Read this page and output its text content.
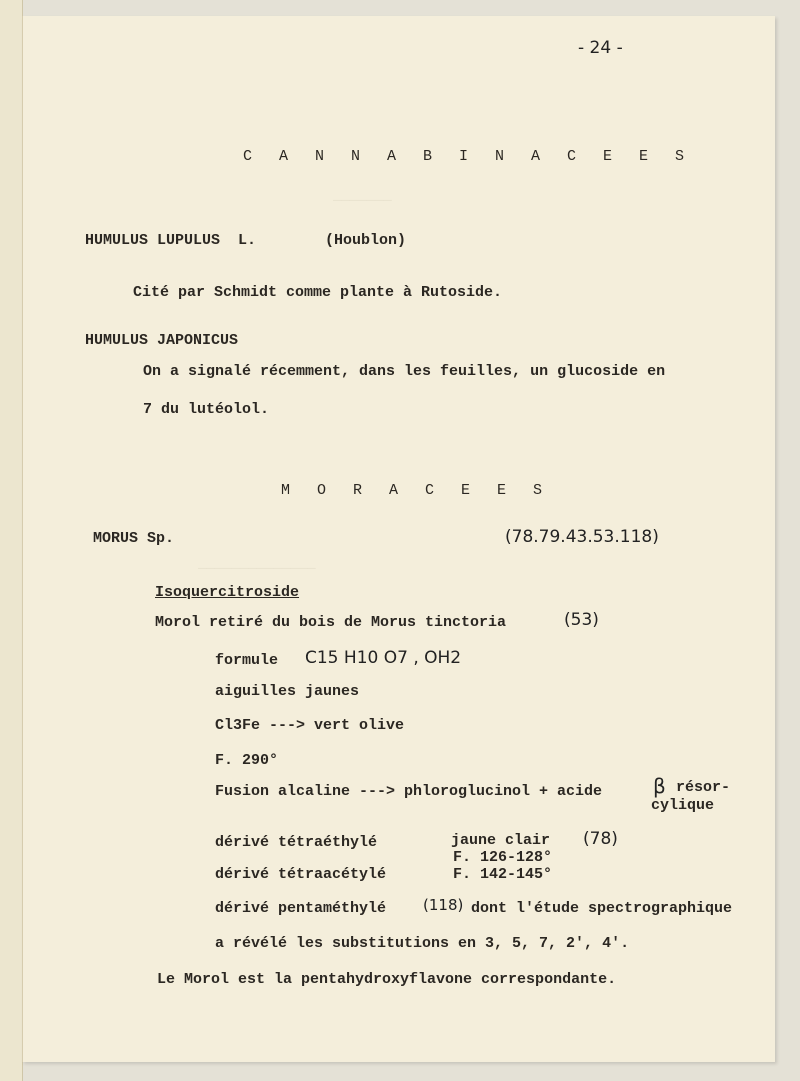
_______
______________
- 24 -
C A N N A B I N A C E E S
HUMULUS LUPULUS  L.	(Houblon)
Cité par Schmidt comme plante à Rutoside.
HUMULUS JAPONICUS
On a signalé récemment, dans les feuilles, un glucoside en
7 du lutéolol.
M O R A C E E S
MORUS Sp.	(78.79.43.53.118)
Isoquercitroside
Morol retiré du bois de Morus tinctoria	(53)
formule C15 H10 O7 , OH2
aiguilles jaunes
Cl3Fe ---> vert olive
F. 290°
Fusion alcaline ---> phloroglucinol + acide	β résor-
cylique
dérivé tétraéthylé	jaune clair (78)
F. 126-128°
dérivé tétraacétylé	F. 142-145°
dérivé pentaméthylé (118) dont l'étude spectrographique
a révélé les substitutions en 3, 5, 7, 2', 4'.
Le Morol est la pentahydroxyflavone correspondante.
